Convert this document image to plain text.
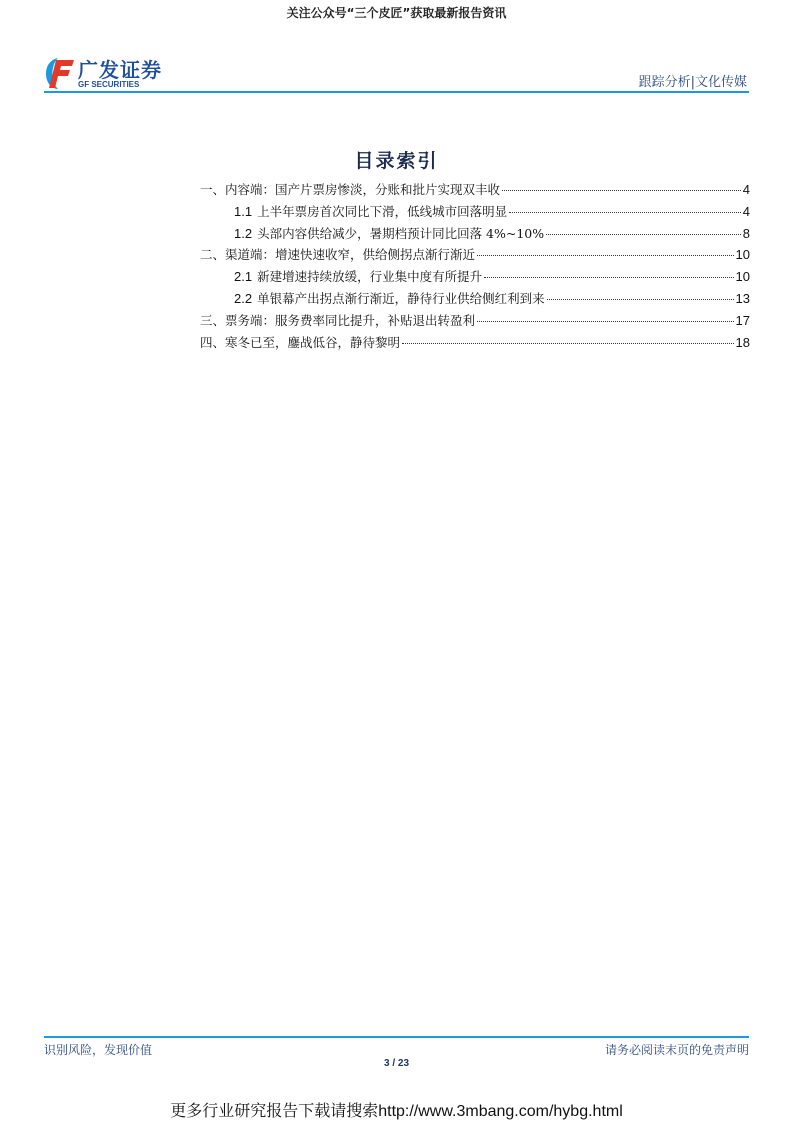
关注公众号“三个皮匠”获取最新报告资讯
广发证券
GF SECURITIES	跟踪分析|文化传媒
目录索引
一、内容端：国产片票房惨淡，分账和批片实现双丰收	4
1.1 上半年票房首次同比下滑，低线城市回落明显	4
1.2 头部内容供给减少，暑期档预计同比回落 4%~10%	8
二、渠道端：增速快速收窄，供给侧拐点渐行渐近	10
2.1 新建增速持续放缓，行业集中度有所提升	10
2.2 单银幕产出拐点渐行渐近，静待行业供给侧红利到来	13
三、票务端：服务费率同比提升，补贴退出转盈利	17
四、寒冬已至，鏖战低谷，静待黎明	18
识别风险，发现价值	请务必阅读末页的免责声明
3 / 23
更多行业研究报告下载请搜索http://www.3mbang.com/hybg.html
